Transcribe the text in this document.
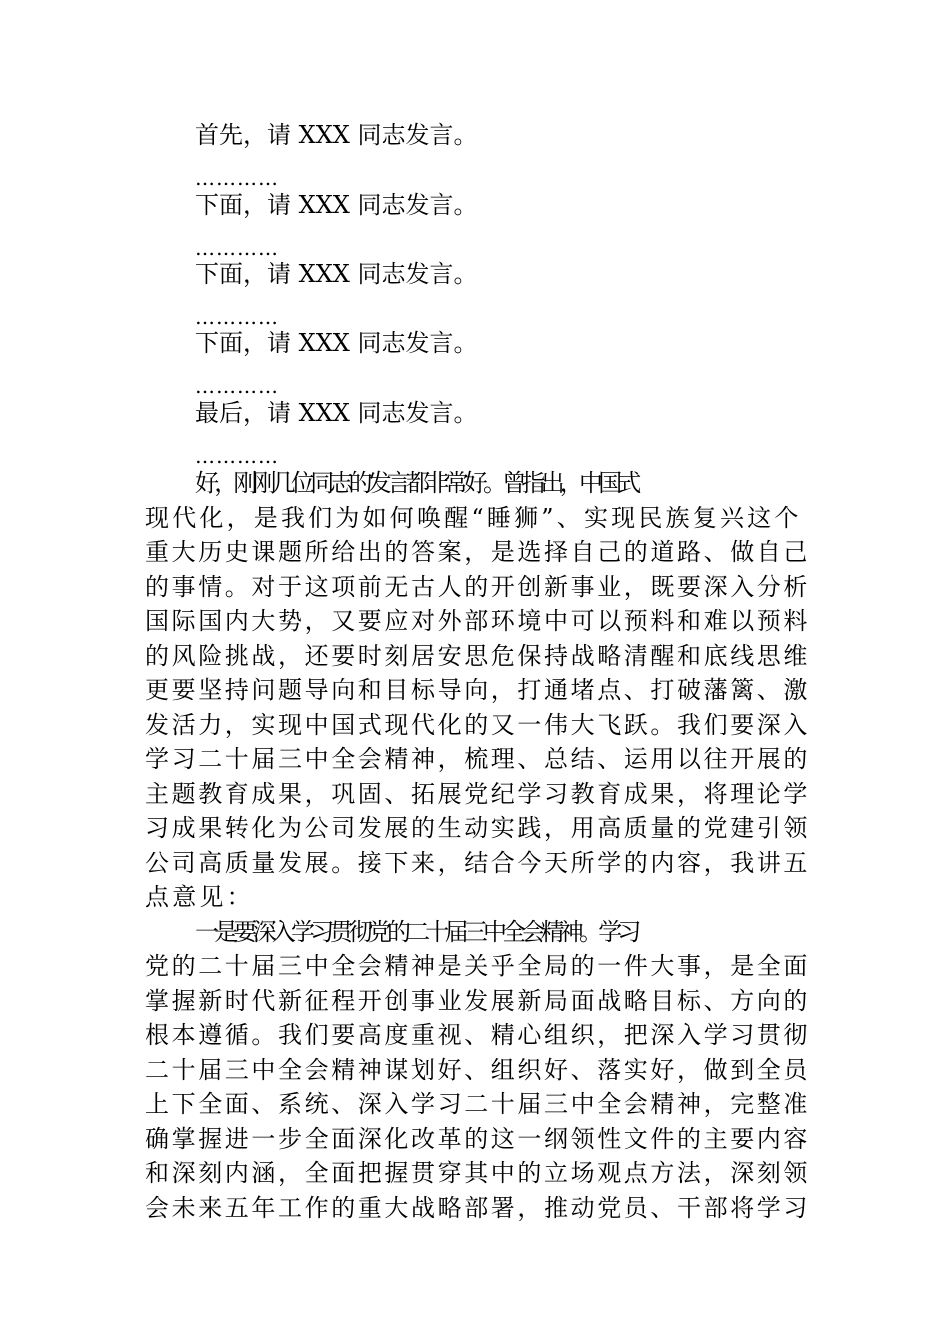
首先，请 XXX 同志发言。
…………
下面，请 XXX 同志发言。
…………
下面，请 XXX 同志发言。
…………
下面，请 XXX 同志发言。
…………
最后，请 XXX 同志发言。
…………
好，刚刚几位同志的发言都非常好。曾指出，中国式
现代化，是我们为如何唤醒“睡狮”、实现民族复兴这个
重大历史课题所给出的答案，是选择自己的道路、做自己
的事情。对于这项前无古人的开创新事业，既要深入分析
国际国内大势，又要应对外部环境中可以预料和难以预料
的风险挑战，还要时刻居安思危保持战略清醒和底线思维
更要坚持问题导向和目标导向，打通堵点、打破藩篱、激
发活力，实现中国式现代化的又一伟大飞跃。我们要深入
学习二十届三中全会精神，梳理、总结、运用以往开展的
主题教育成果，巩固、拓展党纪学习教育成果，将理论学
习成果转化为公司发展的生动实践，用高质量的党建引领
公司高质量发展。接下来，结合今天所学的内容，我讲五
点意见：
一是要深入学习贯彻党的二十届三中全会精神。学习
党的二十届三中全会精神是关乎全局的一件大事，是全面
掌握新时代新征程开创事业发展新局面战略目标、方向的
根本遵循。我们要高度重视、精心组织，把深入学习贯彻
二十届三中全会精神谋划好、组织好、落实好，做到全员
上下全面、系统、深入学习二十届三中全会精神，完整准
确掌握进一步全面深化改革的这一纲领性文件的主要内容
和深刻内涵，全面把握贯穿其中的立场观点方法，深刻领
会未来五年工作的重大战略部署，推动党员、干部将学习
